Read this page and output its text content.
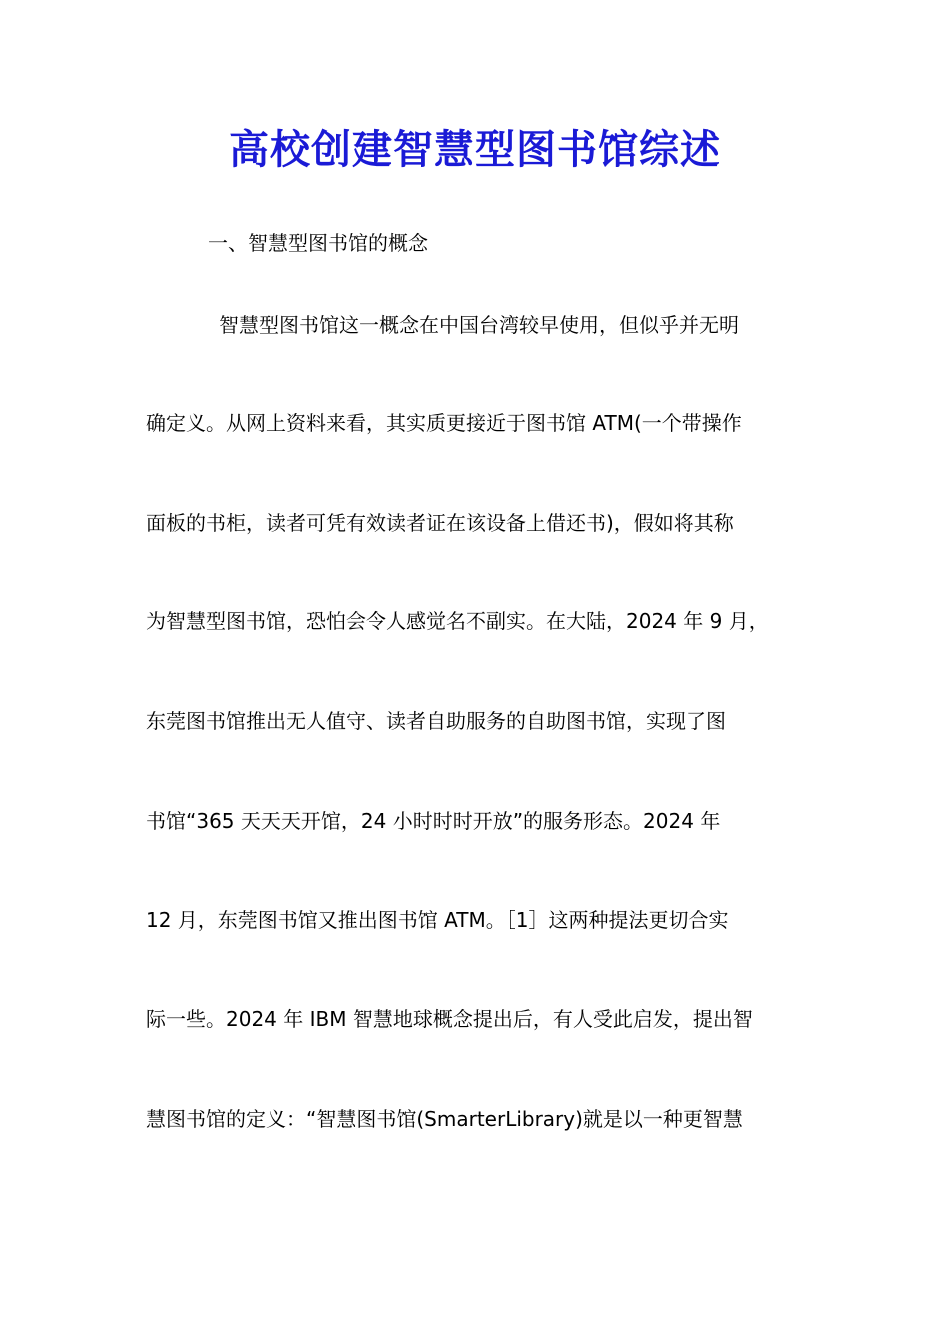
高校创建智慧型图书馆综述
一、智慧型图书馆的概念
智慧型图书馆这一概念在中国台湾较早使用，但似乎并无明
确定义。从网上资料来看，其实质更接近于图书馆 ATM(一个带操作
面板的书柜，读者可凭有效读者证在该设备上借还书)，假如将其称
为智慧型图书馆，恐怕会令人感觉名不副实。在大陆，2024 年 9 月，
东莞图书馆推出无人值守、读者自助服务的自助图书馆，实现了图
书馆“365 天天天开馆，24 小时时时开放”的服务形态。2024 年
12 月，东莞图书馆又推出图书馆 ATM。［1］这两种提法更切合实
际一些。2024 年 IBM 智慧地球概念提出后，有人受此启发，提出智
慧图书馆的定义：“智慧图书馆(SmarterLibrary)就是以一种更智慧
